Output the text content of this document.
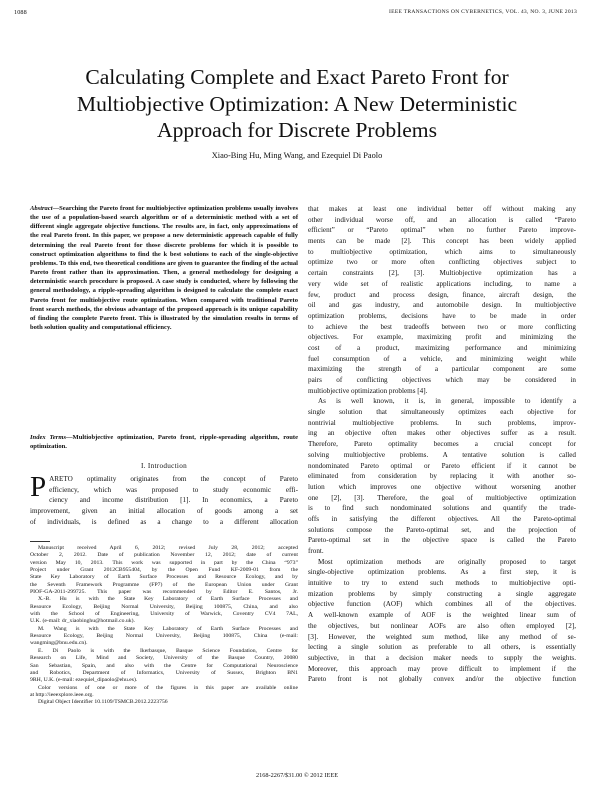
1088	IEEE TRANSACTIONS ON CYBERNETICS, VOL. 43, NO. 3, JUNE 2013
Calculating Complete and Exact Pareto Front for
Multiobjective Optimization: A New Deterministic
Approach for Discrete Problems
Xiao-Bing Hu, Ming Wang, and Ezequiel Di Paolo
Abstract—Searching the Pareto front for multiobjective optimization problems usually involves the use of a population-based search algorithm or of a deterministic method with a set of different single aggregate objective functions. The results are, in fact, only approximations of the real Pareto front. In this paper, we propose a new deterministic approach capable of fully determining the real Pareto front for those discrete problems for which it is possible to construct optimization algorithms to find the k best solutions to each of the single-objective problems. To this end, two theoretical conditions are given to guarantee the finding of the actual Pareto front rather than its approximation. Then, a general methodology for designing a deterministic search procedure is proposed. A case study is conducted, where by following the general methodology, a ripple-spreading algorithm is designed to calculate the complete exact Pareto front for multiobjective route optimization. When compared with traditional Pareto front search methods, the obvious advantage of the proposed approach is its unique capability of finding the complete Pareto front. This is illustrated by the simulation results in terms of both solution quality and computational efficiency.
Index Terms—Multiobjective optimization, Pareto front, ripple-spreading algorithm, route optimization.
I. Introduction
P ARETO optimality originates from the concept of Pareto
efficiency, which was proposed to study economic effi-
ciency and income distribution [1]. In economics, a Pareto
improvement, given an initial allocation of goods among a set
of individuals, is defined as a change to a different allocation
Manuscript received April 6, 2012; revised July 28, 2012; accepted
October 2, 2012. Date of publication November 12, 2012; date of current
version May 10, 2013. This work was supported in part by the China “973”
Project under Grant 2012CB955404, by the Open Fund KF-2009-01 from the
State Key Laboratory of Earth Surface Processes and Resource Ecology, and by
the Seventh Framework Programme (FP7) of the European Union under Grant
PIOF-GA-2011-299725. This paper was recommended by Editor E. Santos, Jr.
X.-B. Hu is with the State Key Laboratory of Earth Surface Processes and
Resource Ecology, Beijing Normal University, Beijing 100875, China, and also
with the School of Engineering, University of Warwick, Coventry CV4 7AL,
U.K. (e-mail: dr_xiaobinghu@hotmail.co.uk).
M. Wang is with the State Key Laboratory of Earth Surface Processes and
Resource Ecology, Beijing Normal University, Beijing 100875, China (e-mail:
wangming@bnu.edu.cn).
E. Di Paolo is with the Ikerbasque, Basque Science Foundation, Centre for
Research on Life, Mind and Society, University of the Basque Country, 20080
San Sebastian, Spain, and also with the Centre for Computational Neuroscience
and Robotics, Department of Informatics, University of Sussex, Brighton BN1
9RH, U.K. (e-mail: ezequiel_dipaolo@ehu.es).
Color versions of one or more of the figures in this paper are available online
at http://ieeexplore.ieee.org.
Digital Object Identifier 10.1109/TSMCB.2012.2223756
that makes at least one individual better off without making any
other individual worse off, and an allocation is called “Pareto
efficient” or “Pareto optimal” when no further Pareto improve-
ments can be made [2]. This concept has been widely applied
to multiobjective optimization, which aims to simultaneously
optimize two or more often conflicting objectives subject to
certain constraints [2], [3]. Multiobjective optimization has a
very wide set of realistic applications including, to name a
few, product and process design, finance, aircraft design, the
oil and gas industry, and automobile design. In multiobjective
optimization problems, decisions have to be made in order
to achieve the best tradeoffs between two or more conflicting
objectives. For example, maximizing profit and minimizing the
cost of a product, maximizing performance and minimizing
fuel consumption of a vehicle, and minimizing weight while
maximizing the strength of a particular component are some
pairs of conflicting objectives which may be considered in
multiobjective optimization problems [4].
As is well known, it is, in general, impossible to identify a
single solution that simultaneously optimizes each objective for
nontrivial multiobjective problems. In such problems, improv-
ing an objective often makes other objectives suffer as a result.
Therefore, Pareto optimality becomes a crucial concept for
solving multiobjective problems. A tentative solution is called
nondominated Pareto optimal or Pareto efficient if it cannot be
eliminated from consideration by replacing it with another so-
lution which improves one objective without worsening another
one [2], [3]. Therefore, the goal of multiobjective optimization
is to find such nondominated solutions and quantify the trade-
offs in satisfying the different objectives. All the Pareto-optimal
solutions compose the Pareto-optimal set, and the projection of
Pareto-optimal set in the objective space is called the Pareto
front.
Most optimization methods are originally proposed to target
single-objective optimization problems. As a first step, it is
intuitive to try to extend such methods to multiobjective opti-
mization problems by simply constructing a single aggregate
objective function (AOF) which combines all of the objectives.
A well-known example of AOF is the weighted linear sum of
the objectives, but nonlinear AOFs are also often employed [2],
[3]. However, the weighted sum method, like any method of se-
lecting a single solution as preferable to all others, is essentially
subjective, in that a decision maker needs to supply the weights.
Moreover, this approach may prove difficult to implement if the
Pareto front is not globally convex and/or the objective function
2168-2267/$31.00 © 2012 IEEE
